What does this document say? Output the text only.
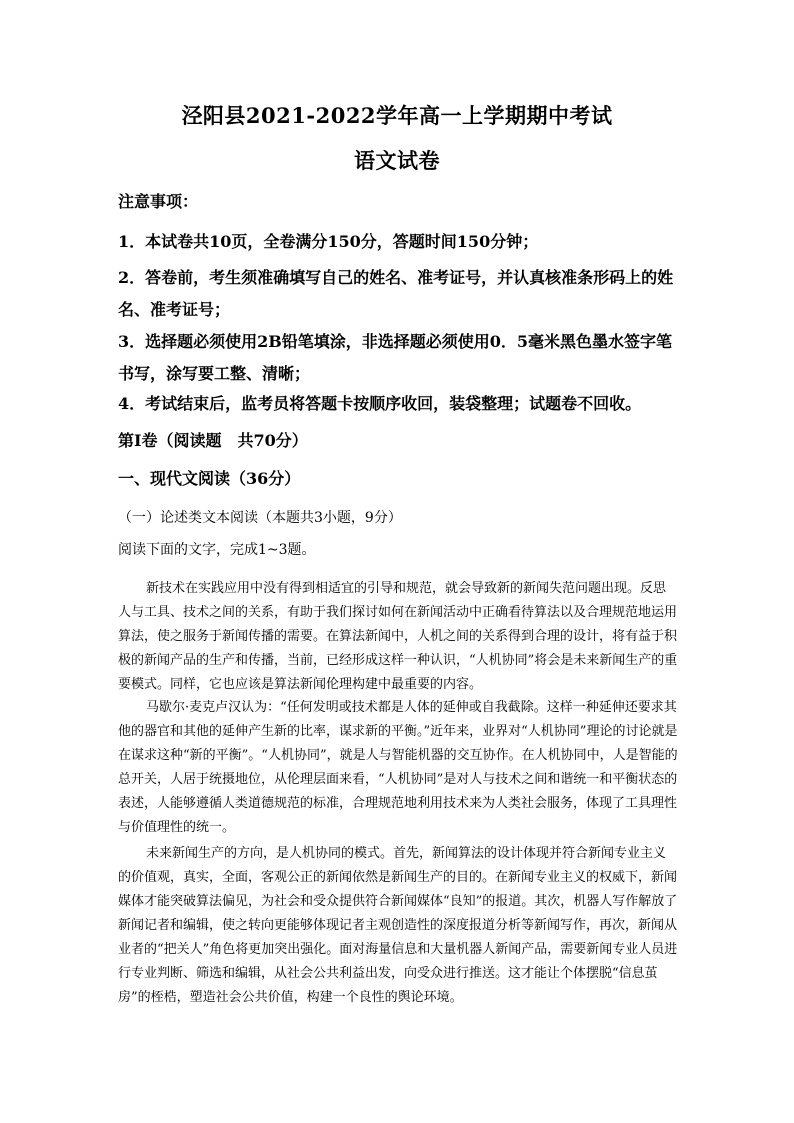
泾阳县2021-2022学年高一上学期期中考试
语文试卷

注意事项：

1．本试卷共10页，全卷满分150分，答题时间150分钟；

2．答卷前，考生须准确填写自己的姓名、准考证号，并认真核准条形码上的姓名、准考证号；

3．选择题必须使用2B铅笔填涂，非选择题必须使用0．5毫米黑色墨水签字笔书写，涂写要工整、清晰；

4．考试结束后，监考员将答题卡按顺序收回，装袋整理；试题卷不回收。

第Ⅰ卷（阅读题　共70分）

一、现代文阅读（36分）

（一）论述类文本阅读（本题共3小题，9分）

阅读下面的文字，完成1~3题。

新技术在实践应用中没有得到相适宜的引导和规范，就会导致新的新闻失范问题出现。反思人与工具、技术之间的关系，有助于我们探讨如何在新闻活动中正确看待算法以及合理规范地运用算法，使之服务于新闻传播的需要。在算法新闻中，人机之间的关系得到合理的设计，将有益于积极的新闻产品的生产和传播，当前，已经形成这样一种认识，“人机协同”将会是未来新闻生产的重要模式。同样，它也应该是算法新闻伦理构建中最重要的内容。

马歇尔·麦克卢汉认为：“任何发明或技术都是人体的延伸或自我截除。这样一种延伸还要求其他的器官和其他的延伸产生新的比率，谋求新的平衡。”近年来，业界对“人机协同”理论的讨论就是在谋求这种“新的平衡”。“人机协同”，就是人与智能机器的交互协作。在人机协同中，人是智能的总开关，人居于统摄地位，从伦理层面来看，“人机协同”是对人与技术之间和谐统一和平衡状态的表述，人能够遵循人类道德规范的标准，合理规范地利用技术来为人类社会服务，体现了工具理性与价值理性的统一。

未来新闻生产的方向，是人机协同的模式。首先，新闻算法的设计体现并符合新闻专业主义的价值观，真实，全面，客观公正的新闻依然是新闻生产的目的。在新闻专业主义的权威下，新闻媒体才能突破算法偏见，为社会和受众提供符合新闻媒体“良知”的报道。其次，机器人写作解放了新闻记者和编辑，使之转向更能够体现记者主观创造性的深度报道分析等新闻写作，再次，新闻从业者的“把关人”角色将更加突出强化。面对海量信息和大量机器人新闻产品，需要新闻专业人员进行专业判断、筛选和编辑，从社会公共利益出发，向受众进行推送。这才能让个体摆脱“信息茧房”的桎梏，塑造社会公共价值，构建一个良性的舆论环境。
